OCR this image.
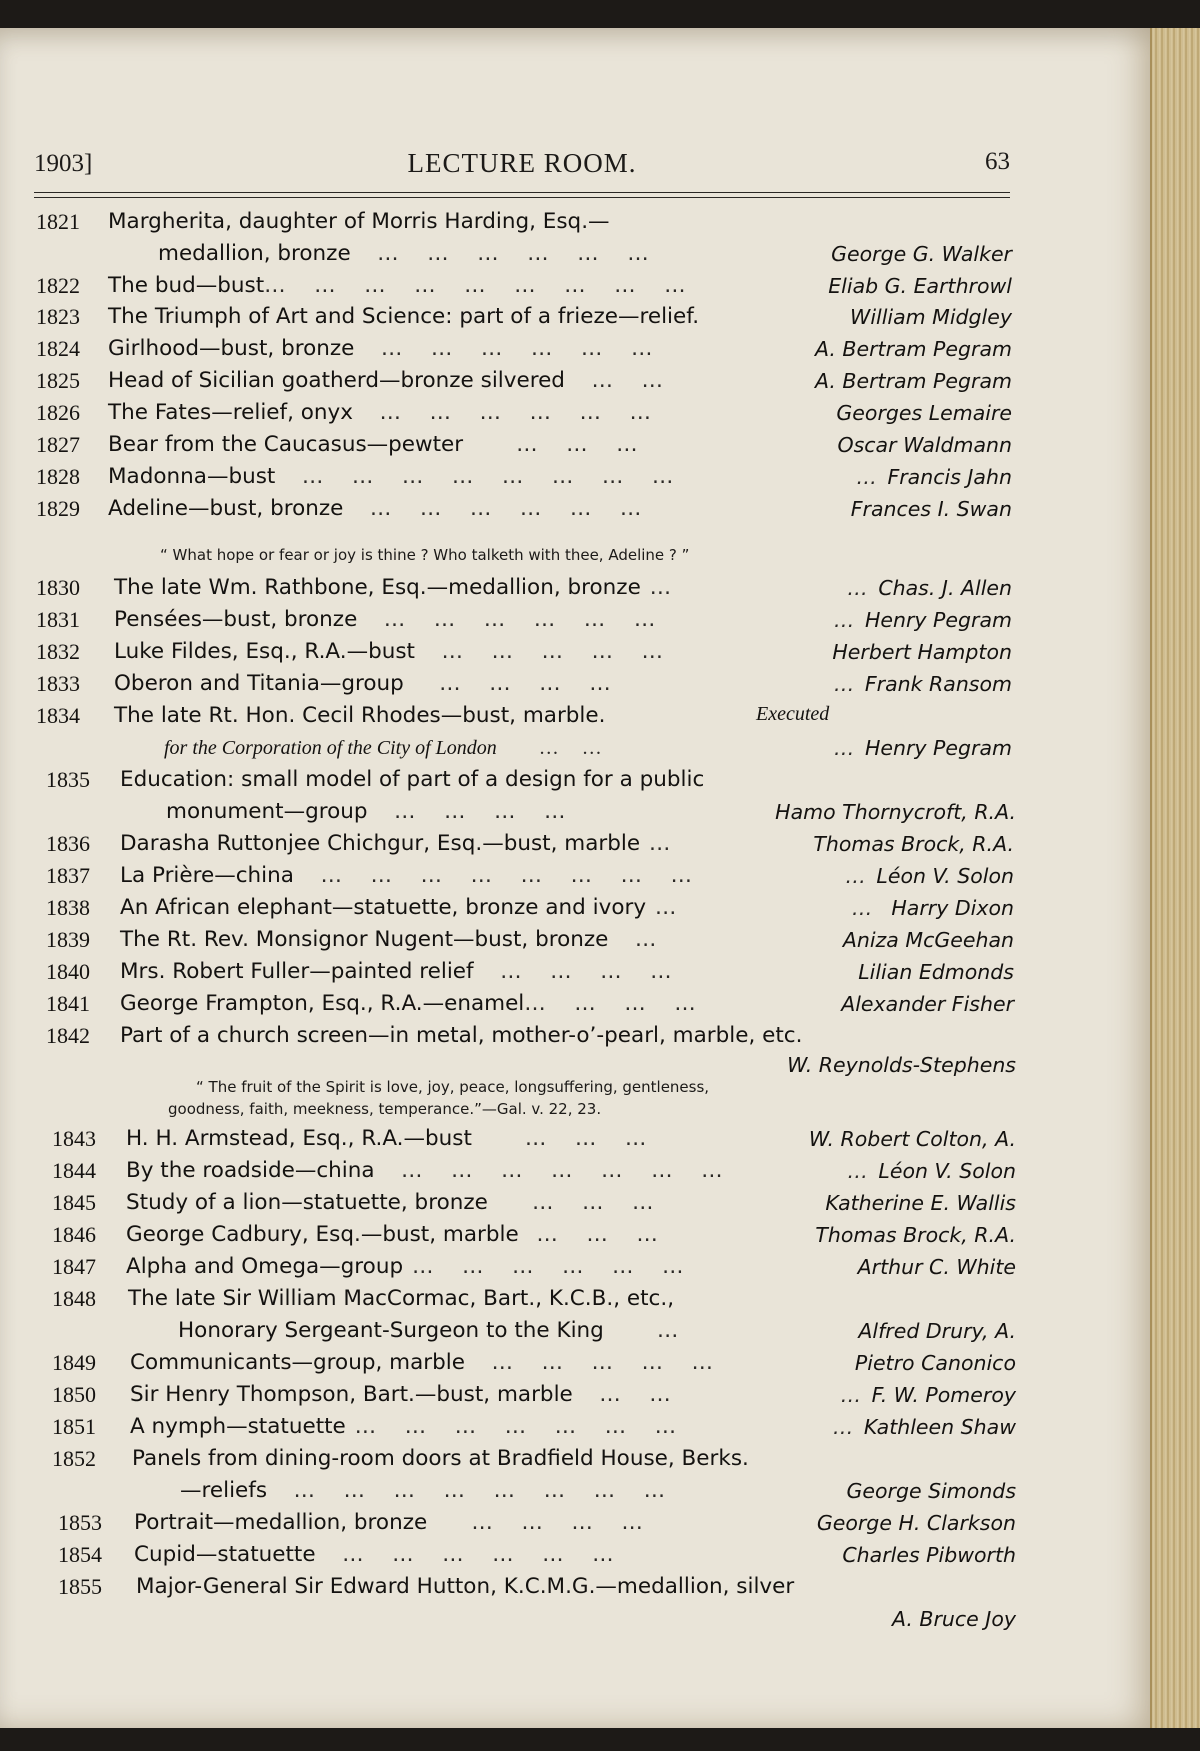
1903]	LECTURE ROOM.	63
1821 Margherita, daughter of Morris Harding, Esq.—
medallion, bronze   …   …   …   …   …   …	George G. Walker
1822 The bud—bust…   …   …   …   …   …   …   …   …	Eliab G. Earthrowl
1823 The Triumph of Art and Science: part of a frieze—relief.	William Midgley
1824 Girlhood—bust, bronze   …   …   …   …   …   …	A. Bertram Pegram
1825 Head of Sicilian goatherd—bronze silvered   …   …	A. Bertram Pegram
1826 The Fates—relief, onyx   …   …   …   …   …   …	Georges Lemaire
1827 Bear from the Caucasus—pewter      …   …   …	Oscar Waldmann
1828 Madonna—bust   …   …   …   …   …   …   …   …	… Francis Jahn
1829 Adeline—bust, bronze   …   …   …   …   …   …	Frances I. Swan
“ What hope or fear or joy is thine ? Who talketh with thee, Adeline ? ”
1830 The late Wm. Rathbone, Esq.—medallion, bronze …	… Chas. J. Allen
1831 Pensées—bust, bronze   …   …   …   …   …   …	… Henry Pegram
1832 Luke Fildes, Esq., R.A.—bust   …   …   …   …   …	Herbert Hampton
1833 Oberon and Titania—group    …   …   …   …	… Frank Ransom
1834 The late Rt. Hon. Cecil Rhodes—bust, marble.	Executed
for the Corporation of the City of London      …   …	… Henry Pegram
1835 Education: small model of part of a design for a public
monument—group   …   …   …   …	Hamo Thornycroft, R.A.
1836 Darasha Ruttonjee Chichgur, Esq.—bust, marble …	Thomas Brock, R.A.
1837 La Prière—china   …   …   …   …   …   …   …   …	… Léon V. Solon
1838 An African elephant—statuette, bronze and ivory …	…  Harry Dixon
1839 The Rt. Rev. Monsignor Nugent—bust, bronze   …	Aniza McGeehan
1840 Mrs. Robert Fuller—painted relief   …   …   …   …	Lilian Edmonds
1841 George Frampton, Esq., R.A.—enamel…   …   …   …	Alexander Fisher
1842 Part of a church screen—in metal, mother-o’-pearl, marble, etc.
W. Reynolds-Stephens
“ The fruit of the Spirit is love, joy, peace, longsuffering, gentleness,
goodness, faith, meekness, temperance.”—Gal. v. 22, 23.
1843 H. H. Armstead, Esq., R.A.—bust      …   …   …	W. Robert Colton, A.
1844 By the roadside—china   …   …   …   …   …   …   …	… Léon V. Solon
1845 Study of a lion—statuette, bronze     …   …   …	Katherine E. Wallis
1846 George Cadbury, Esq.—bust, marble  …   …   …	Thomas Brock, R.A.
1847 Alpha and Omega—group …   …   …   …   …   …	Arthur C. White
1848 The late Sir William MacCormac, Bart., K.C.B., etc.,
Honorary Sergeant-Surgeon to the King      …	Alfred Drury, A.
1849 Communicants—group, marble   …   …   …   …   …	Pietro Canonico
1850 Sir Henry Thompson, Bart.—bust, marble   …   …	… F. W. Pomeroy
1851 A nymph—statuette …   …   …   …   …   …   …	… Kathleen Shaw
1852 Panels from dining-room doors at Bradfield House, Berks.
—reliefs   …   …   …   …   …   …   …   …	George Simonds
1853 Portrait—medallion, bronze     …   …   …   …	George H. Clarkson
1854 Cupid—statuette   …   …   …   …   …   …	Charles Pibworth
1855 Major-General Sir Edward Hutton, K.C.M.G.—medallion, silver
A. Bruce Joy
